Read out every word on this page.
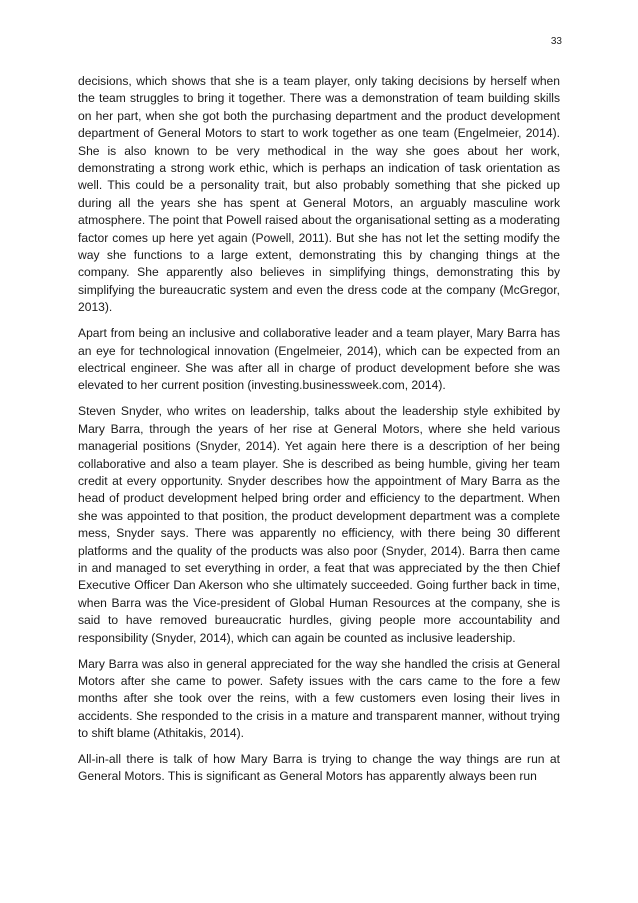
33

decisions, which shows that she is a team player, only taking decisions by herself when the team struggles to bring it together. There was a demonstration of team building skills on her part, when she got both the purchasing department and the product development department of General Motors to start to work together as one team (Engelmeier, 2014). She is also known to be very methodical in the way she goes about her work, demonstrating a strong work ethic, which is perhaps an indication of task orientation as well. This could be a personality trait, but also probably something that she picked up during all the years she has spent at General Motors, an arguably masculine work atmosphere. The point that Powell raised about the organisational setting as a moderating factor comes up here yet again (Powell, 2011). But she has not let the setting modify the way she functions to a large extent, demonstrating this by changing things at the company. She apparently also believes in simplifying things, demonstrating this by simplifying the bureaucratic system and even the dress code at the company (McGregor, 2013).

Apart from being an inclusive and collaborative leader and a team player, Mary Barra has an eye for technological innovation (Engelmeier, 2014), which can be expected from an electrical engineer. She was after all in charge of product development before she was elevated to her current position (investing.businessweek.com, 2014).

Steven Snyder, who writes on leadership, talks about the leadership style exhibited by Mary Barra, through the years of her rise at General Motors, where she held various managerial positions (Snyder, 2014). Yet again here there is a description of her being collaborative and also a team player. She is described as being humble, giving her team credit at every opportunity. Snyder describes how the appointment of Mary Barra as the head of product development helped bring order and efficiency to the department. When she was appointed to that position, the product development department was a complete mess, Snyder says. There was apparently no efficiency, with there being 30 different platforms and the quality of the products was also poor (Snyder, 2014). Barra then came in and managed to set everything in order, a feat that was appreciated by the then Chief Executive Officer Dan Akerson who she ultimately succeeded. Going further back in time, when Barra was the Vice-president of Global Human Resources at the company, she is said to have removed bureaucratic hurdles, giving people more accountability and responsibility (Snyder, 2014), which can again be counted as inclusive leadership.

Mary Barra was also in general appreciated for the way she handled the crisis at General Motors after she came to power. Safety issues with the cars came to the fore a few months after she took over the reins, with a few customers even losing their lives in accidents. She responded to the crisis in a mature and transparent manner, without trying to shift blame (Athitakis, 2014).

All-in-all there is talk of how Mary Barra is trying to change the way things are run at General Motors. This is significant as General Motors has apparently always been run
